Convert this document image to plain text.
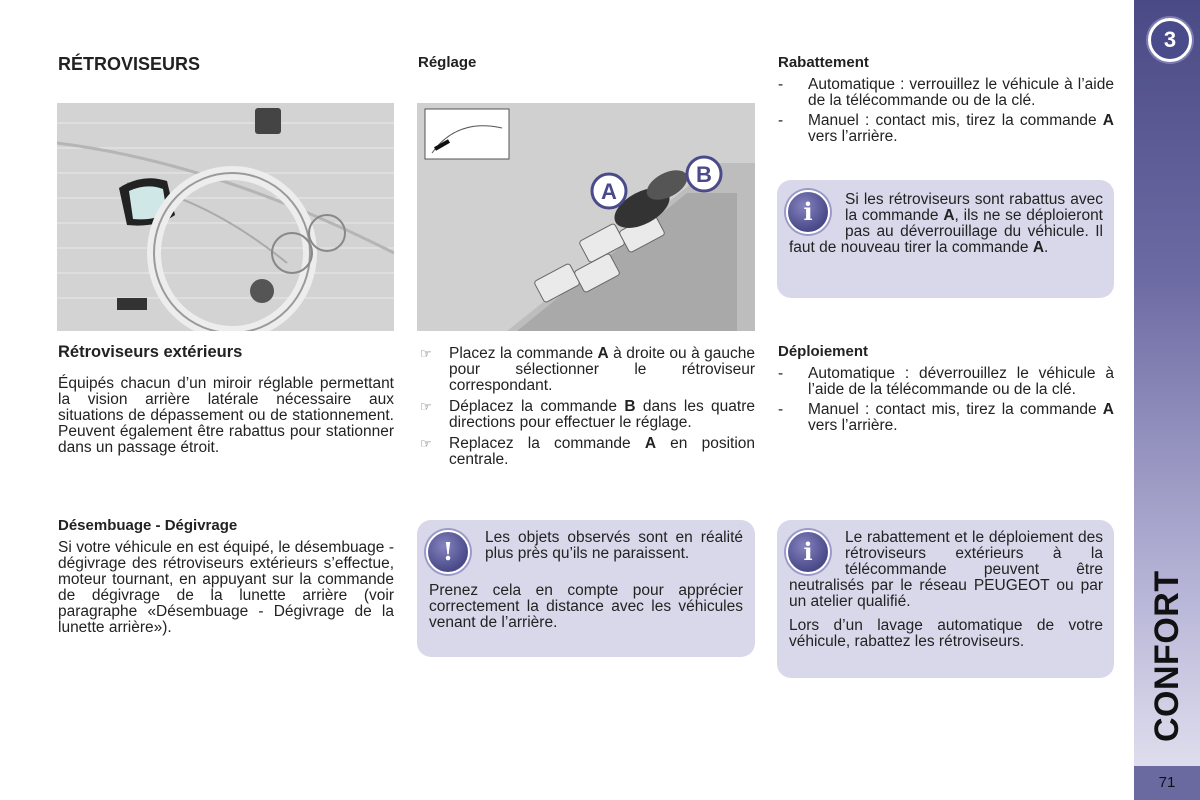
3
CONFORT
71
RÉTROVISEURS
Rétroviseurs extérieurs

Équipés chacun d’un miroir réglable permettant la vision arrière latérale nécessaire aux situations de dépassement ou de stationnement. Peuvent également être rabattus pour stationner dans un passage étroit.

Désembuage - Dégivrage

Si votre véhicule en est équipé, le désembuage - dégivrage des rétroviseurs extérieurs s’effectue, moteur tournant, en appuyant sur la commande de dégivrage de la lunette arrière (voir paragraphe «Désembuage - Dégivrage de la lunette arrière»).

Réglage
A
B
☞ Placez la commande A à droite ou à gauche pour sélectionner le rétroviseur correspondant.
☞ Déplacez la commande B dans les quatre directions pour effectuer le réglage.
☞ Replacez la commande A en position centrale.
!	Les objets observés sont en réalité plus près qu’ils ne paraissent.

Prenez cela en compte pour apprécier correctement la distance avec les véhicules venant de l’arrière.

Rabattement
- Automatique : verrouillez le véhicule à l’aide de la télécommande ou de la clé.
- Manuel : contact mis, tirez la commande A vers l’arrière.
i	Si les rétroviseurs sont rabattus avec la commande A, ils ne se déploieront pas au déverrouillage du véhicule. Il faut de nouveau tirer la commande A.

Déploiement
- Automatique : déverrouillez le véhicule à l’aide de la télécommande ou de la clé.
- Manuel : contact mis, tirez la commande A vers l’arrière.
i	Le rabattement et le déploiement des rétroviseurs extérieurs à la télécommande peuvent être neutralisés par le réseau PEUGEOT ou par un atelier qualifié.

Lors d’un lavage automatique de votre véhicule, rabattez les rétroviseurs.
